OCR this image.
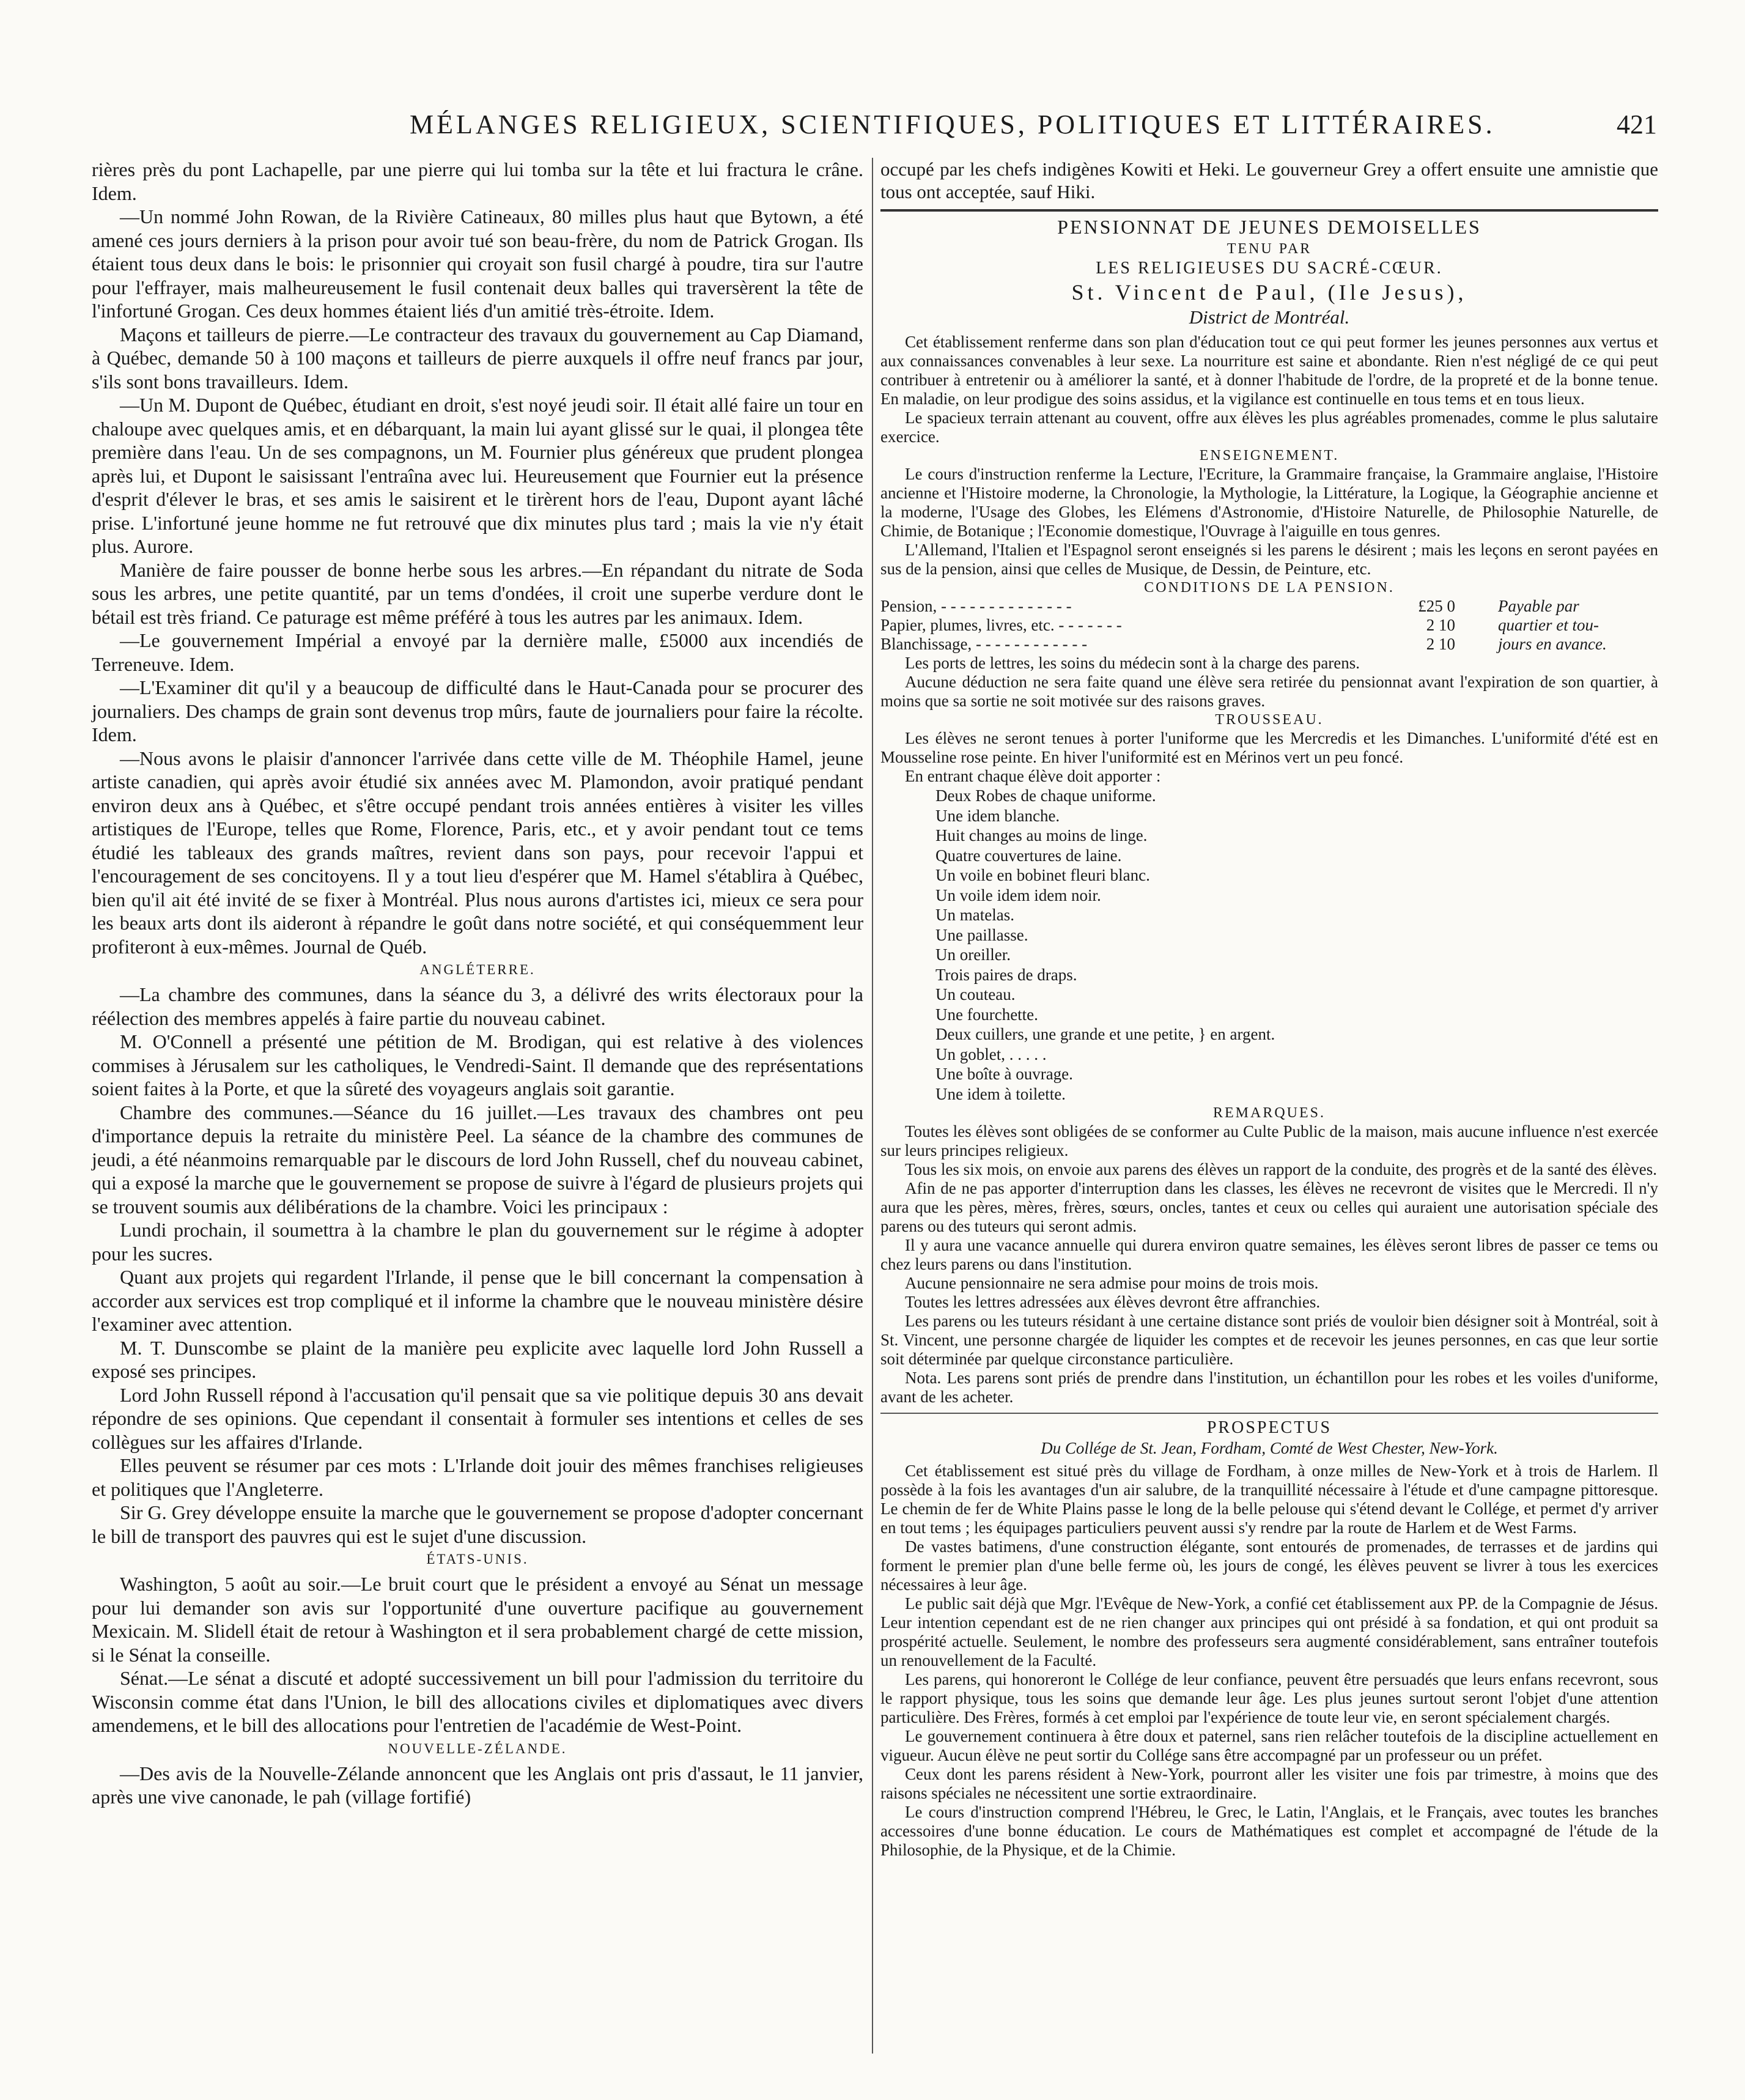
MÉLANGES RELIGIEUX, SCIENTIFIQUES, POLITIQUES ET LITTÉRAIRES.	421

rières près du pont Lachapelle, par une pierre qui lui tomba sur la tête et lui fractura le crâne. Idem.

—Un nommé John Rowan, de la Rivière Catineaux, 80 milles plus haut que Bytown, a été amené ces jours derniers à la prison pour avoir tué son beau-frère, du nom de Patrick Grogan. Ils étaient tous deux dans le bois: le prisonnier qui croyait son fusil chargé à poudre, tira sur l'autre pour l'effrayer, mais malheureusement le fusil contenait deux balles qui traversèrent la tête de l'infortuné Grogan. Ces deux hommes étaient liés d'un amitié très-étroite. Idem.

Maçons et tailleurs de pierre.—Le contracteur des travaux du gouvernement au Cap Diamand, à Québec, demande 50 à 100 maçons et tailleurs de pierre auxquels il offre neuf francs par jour, s'ils sont bons travailleurs. Idem.

—Un M. Dupont de Québec, étudiant en droit, s'est noyé jeudi soir. Il était allé faire un tour en chaloupe avec quelques amis, et en débarquant, la main lui ayant glissé sur le quai, il plongea tête première dans l'eau. Un de ses compagnons, un M. Fournier plus généreux que prudent plongea après lui, et Dupont le saisissant l'entraîna avec lui. Heureusement que Fournier eut la présence d'esprit d'élever le bras, et ses amis le saisirent et le tirèrent hors de l'eau, Dupont ayant lâché prise. L'infortuné jeune homme ne fut retrouvé que dix minutes plus tard ; mais la vie n'y était plus. Aurore.

Manière de faire pousser de bonne herbe sous les arbres.—En répandant du nitrate de Soda sous les arbres, une petite quantité, par un tems d'ondées, il croit une superbe verdure dont le bétail est très friand. Ce paturage est même préféré à tous les autres par les animaux. Idem.

—Le gouvernement Impérial a envoyé par la dernière malle, £5000 aux incendiés de Terreneuve. Idem.

—L'Examiner dit qu'il y a beaucoup de difficulté dans le Haut-Canada pour se procurer des journaliers. Des champs de grain sont devenus trop mûrs, faute de journaliers pour faire la récolte. Idem.

—Nous avons le plaisir d'annoncer l'arrivée dans cette ville de M. Théophile Hamel, jeune artiste canadien, qui après avoir étudié six années avec M. Plamondon, avoir pratiqué pendant environ deux ans à Québec, et s'être occupé pendant trois années entières à visiter les villes artistiques de l'Europe, telles que Rome, Florence, Paris, etc., et y avoir pendant tout ce tems étudié les tableaux des grands maîtres, revient dans son pays, pour recevoir l'appui et l'encouragement de ses concitoyens. Il y a tout lieu d'espérer que M. Hamel s'établira à Québec, bien qu'il ait été invité de se fixer à Montréal. Plus nous aurons d'artistes ici, mieux ce sera pour les beaux arts dont ils aideront à répandre le goût dans notre société, et qui conséquemment leur profiteront à eux-mêmes. Journal de Québ.

ANGLÉTERRE.

—La chambre des communes, dans la séance du 3, a délivré des writs électoraux pour la réélection des membres appelés à faire partie du nouveau cabinet.

M. O'Connell a présenté une pétition de M. Brodigan, qui est relative à des violences commises à Jérusalem sur les catholiques, le Vendredi-Saint. Il demande que des représentations soient faites à la Porte, et que la sûreté des voyageurs anglais soit garantie.

Chambre des communes.—Séance du 16 juillet.—Les travaux des chambres ont peu d'importance depuis la retraite du ministère Peel. La séance de la chambre des communes de jeudi, a été néanmoins remarquable par le discours de lord John Russell, chef du nouveau cabinet, qui a exposé la marche que le gouvernement se propose de suivre à l'égard de plusieurs projets qui se trouvent soumis aux délibérations de la chambre. Voici les principaux :

Lundi prochain, il soumettra à la chambre le plan du gouvernement sur le régime à adopter pour les sucres.

Quant aux projets qui regardent l'Irlande, il pense que le bill concernant la compensation à accorder aux services est trop compliqué et il informe la chambre que le nouveau ministère désire l'examiner avec attention.

M. T. Dunscombe se plaint de la manière peu explicite avec laquelle lord John Russell a exposé ses principes.

Lord John Russell répond à l'accusation qu'il pensait que sa vie politique depuis 30 ans devait répondre de ses opinions. Que cependant il consentait à formuler ses intentions et celles de ses collègues sur les affaires d'Irlande.

Elles peuvent se résumer par ces mots : L'Irlande doit jouir des mêmes franchises religieuses et politiques que l'Angleterre.

Sir G. Grey développe ensuite la marche que le gouvernement se propose d'adopter concernant le bill de transport des pauvres qui est le sujet d'une discussion.

ÉTATS-UNIS.

Washington, 5 août au soir.—Le bruit court que le président a envoyé au Sénat un message pour lui demander son avis sur l'opportunité d'une ouverture pacifique au gouvernement Mexicain. M. Slidell était de retour à Washington et il sera probablement chargé de cette mission, si le Sénat la conseille.

Sénat.—Le sénat a discuté et adopté successivement un bill pour l'admission du territoire du Wisconsin comme état dans l'Union, le bill des allocations civiles et diplomatiques avec divers amendemens, et le bill des allocations pour l'entretien de l'académie de West-Point.

NOUVELLE-ZÉLANDE.

—Des avis de la Nouvelle-Zélande annoncent que les Anglais ont pris d'assaut, le 11 janvier, après une vive canonade, le pah (village fortifié)

occupé par les chefs indigènes Kowiti et Heki. Le gouverneur Grey a offert ensuite une amnistie que tous ont acceptée, sauf Hiki.

PENSIONNAT DE JEUNES DEMOISELLES
TENU PAR
LES RELIGIEUSES DU SACRÉ-CŒUR.
St. Vincent de Paul, (Ile Jesus),
District de Montréal.

Cet établissement renferme dans son plan d'éducation tout ce qui peut former les jeunes personnes aux vertus et aux connaissances convenables à leur sexe. La nourriture est saine et abondante. Rien n'est négligé de ce qui peut contribuer à entretenir ou à améliorer la santé, et à donner l'habitude de l'ordre, de la propreté et de la bonne tenue. En maladie, on leur prodigue des soins assidus, et la vigilance est continuelle en tous tems et en tous lieux.

Le spacieux terrain attenant au couvent, offre aux élèves les plus agréables promenades, comme le plus salutaire exercice.

ENSEIGNEMENT.

Le cours d'instruction renferme la Lecture, l'Ecriture, la Grammaire française, la Grammaire anglaise, l'Histoire ancienne et l'Histoire moderne, la Chronologie, la Mythologie, la Littérature, la Logique, la Géographie ancienne et la moderne, l'Usage des Globes, les Elémens d'Astronomie, d'Histoire Naturelle, de Philosophie Naturelle, de Chimie, de Botanique ; l'Economie domestique, l'Ouvrage à l'aiguille en tous genres.

L'Allemand, l'Italien et l'Espagnol seront enseignés si les parens le désirent ; mais les leçons en seront payées en sus de la pension, ainsi que celles de Musique, de Dessin, de Peinture, etc.

CONDITIONS DE LA PENSION.
Pension, - - - - - - - - - - - - - -	£25 0	Payable par
Papier, plumes, livres, etc. - - - - - - -	2 10	quartier et tou-
Blanchissage, - - - - - - - - - - - -	2 10	jours en avance.

Les ports de lettres, les soins du médecin sont à la charge des parens.

Aucune déduction ne sera faite quand une élève sera retirée du pensionnat avant l'expiration de son quartier, à moins que sa sortie ne soit motivée sur des raisons graves.

TROUSSEAU.

Les élèves ne seront tenues à porter l'uniforme que les Mercredis et les Dimanches. L'uniformité d'été est en Mousseline rose peinte. En hiver l'uniformité est en Mérinos vert un peu foncé.

En entrant chaque élève doit apporter :

Deux Robes de chaque uniforme.
Une idem blanche.
Huit changes au moins de linge.
Quatre couvertures de laine.
Un voile en bobinet fleuri blanc.
Un voile idem idem noir.
Un matelas.
Une paillasse.
Un oreiller.
Trois paires de draps.
Un couteau.
Une fourchette.
Deux cuillers, une grande et une petite, } en argent.
Un goblet, . . . . .
Une boîte à ouvrage.
Une idem à toilette.
REMARQUES.

Toutes les élèves sont obligées de se conformer au Culte Public de la maison, mais aucune influence n'est exercée sur leurs principes religieux.

Tous les six mois, on envoie aux parens des élèves un rapport de la conduite, des progrès et de la santé des élèves.

Afin de ne pas apporter d'interruption dans les classes, les élèves ne recevront de visites que le Mercredi. Il n'y aura que les pères, mères, frères, sœurs, oncles, tantes et ceux ou celles qui auraient une autorisation spéciale des parens ou des tuteurs qui seront admis.

Il y aura une vacance annuelle qui durera environ quatre semaines, les élèves seront libres de passer ce tems ou chez leurs parens ou dans l'institution.

Aucune pensionnaire ne sera admise pour moins de trois mois.

Toutes les lettres adressées aux élèves devront être affranchies.

Les parens ou les tuteurs résidant à une certaine distance sont priés de vouloir bien désigner soit à Montréal, soit à St. Vincent, une personne chargée de liquider les comptes et de recevoir les jeunes personnes, en cas que leur sortie soit déterminée par quelque circonstance particulière.

Nota. Les parens sont priés de prendre dans l'institution, un échantillon pour les robes et les voiles d'uniforme, avant de les acheter.

PROSPECTUS
Du Collége de St. Jean, Fordham, Comté de West Chester, New-York.

Cet établissement est situé près du village de Fordham, à onze milles de New-York et à trois de Harlem. Il possède à la fois les avantages d'un air salubre, de la tranquillité nécessaire à l'étude et d'une campagne pittoresque. Le chemin de fer de White Plains passe le long de la belle pelouse qui s'étend devant le Collége, et permet d'y arriver en tout tems ; les équipages particuliers peuvent aussi s'y rendre par la route de Harlem et de West Farms.

De vastes batimens, d'une construction élégante, sont entourés de promenades, de terrasses et de jardins qui forment le premier plan d'une belle ferme où, les jours de congé, les élèves peuvent se livrer à tous les exercices nécessaires à leur âge.

Le public sait déjà que Mgr. l'Evêque de New-York, a confié cet établissement aux PP. de la Compagnie de Jésus. Leur intention cependant est de ne rien changer aux principes qui ont présidé à sa fondation, et qui ont produit sa prospérité actuelle. Seulement, le nombre des professeurs sera augmenté considérablement, sans entraîner toutefois un renouvellement de la Faculté.

Les parens, qui honoreront le Collége de leur confiance, peuvent être persuadés que leurs enfans recevront, sous le rapport physique, tous les soins que demande leur âge. Les plus jeunes surtout seront l'objet d'une attention particulière. Des Frères, formés à cet emploi par l'expérience de toute leur vie, en seront spécialement chargés.

Le gouvernement continuera à être doux et paternel, sans rien relâcher toutefois de la discipline actuellement en vigueur. Aucun élève ne peut sortir du Collége sans être accompagné par un professeur ou un préfet.

Ceux dont les parens résident à New-York, pourront aller les visiter une fois par trimestre, à moins que des raisons spéciales ne nécessitent une sortie extraordinaire.

Le cours d'instruction comprend l'Hébreu, le Grec, le Latin, l'Anglais, et le Français, avec toutes les branches accessoires d'une bonne éducation. Le cours de Mathématiques est complet et accompagné de l'étude de la Philosophie, de la Physique, et de la Chimie.
